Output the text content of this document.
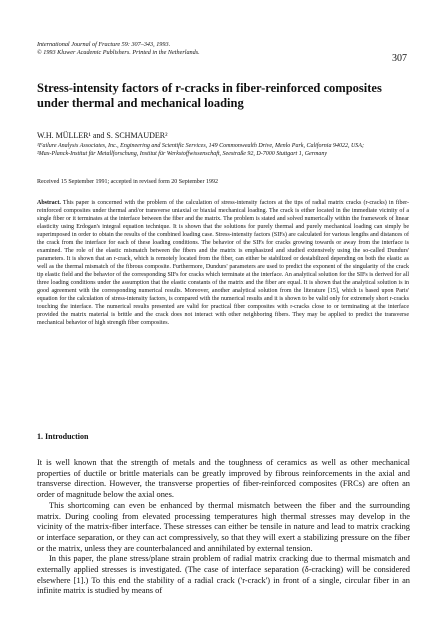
International Journal of Fracture 59: 307–343, 1993.
© 1993 Kluwer Academic Publishers. Printed in the Netherlands.
307
Stress-intensity factors of r-cracks in fiber-reinforced composites under thermal and mechanical loading
W.H. MÜLLER¹ and S. SCHMAUDER²
¹Failure Analysis Associates, Inc., Engineering and Scientific Services, 149 Commonwealth Drive, Menlo Park, California 94022, USA;
²Max-Planck-Institut für Metallforschung, Institut für Werkstoffwissenschaft, Seestraße 92, D-7000 Stuttgart 1, Germany
Received 15 September 1991; accepted in revised form 20 September 1992
Abstract. This paper is concerned with the problem of the calculation of stress-intensity factors at the tips of radial matrix cracks (r-cracks) in fiber-reinforced composites under thermal and/or transverse uniaxial or biaxial mechanical loading. The crack is either located in the immediate vicinity of a single fiber or it terminates at the interface between the fiber and the matrix. The problem is stated and solved numerically within the framework of linear elasticity using Erdogan's integral equation technique. It is shown that the solutions for purely thermal and purely mechanical loading can simply be superimposed in order to obtain the results of the combined loading case. Stress-intensity factors (SIFs) are calculated for various lengths and distances of the crack from the interface for each of these loading conditions. The behavior of the SIFs for cracks growing towards or away from the interface is examined. The role of the elastic mismatch between the fibers and the matrix is emphasized and studied extensively using the so-called Dundurs' parameters. It is shown that an r-crack, which is remotely located from the fiber, can either be stabilized or destabilized depending on both the elastic as well as the thermal mismatch of the fibrous composite. Furthermore, Dundurs' parameters are used to predict the exponent of the singularity of the crack tip elastic field and the behavior of the corresponding SIFs for cracks which terminate at the interface. An analytical solution for the SIFs is derived for all three loading conditions under the assumption that the elastic constants of the matrix and the fiber are equal. It is shown that the analytical solution is in good agreement with the corresponding numerical results. Moreover, another analytical solution from the literature [15], which is based upon Paris' equation for the calculation of stress-intensity factors, is compared with the numerical results and it is shown to be valid only for extremely short r-cracks touching the interface. The numerical results presented are valid for practical fiber composites with r-cracks close to or terminating at the interface provided the matrix material is brittle and the crack does not interact with other neighboring fibers. They may be applied to predict the transverse mechanical behavior of high strength fiber composites.
1. Introduction

It is well known that the strength of metals and the toughness of ceramics as well as other mechanical properties of ductile or brittle materials can be greatly improved by fibrous reinforcements in the axial and transverse direction. However, the transverse properties of fiber-reinforced composites (FRCs) are often an order of magnitude below the axial ones.

This shortcoming can even be enhanced by thermal mismatch between the fiber and the surrounding matrix. During cooling from elevated processing temperatures high thermal stresses may develop in the vicinity of the matrix-fiber interface. These stresses can either be tensile in nature and lead to matrix cracking or interface separation, or they can act compressively, so that they will exert a stabilizing pressure on the fiber or the matrix, unless they are counterbalanced and annihilated by external tension.

In this paper, the plane stress/plane strain problem of radial matrix cracking due to thermal mismatch and externally applied stresses is investigated. (The case of interface separation (δ-cracking) will be considered elsewhere [1].) To this end the stability of a radial crack ('r-crack') in front of a single, circular fiber in an infinite matrix is studied by means of
